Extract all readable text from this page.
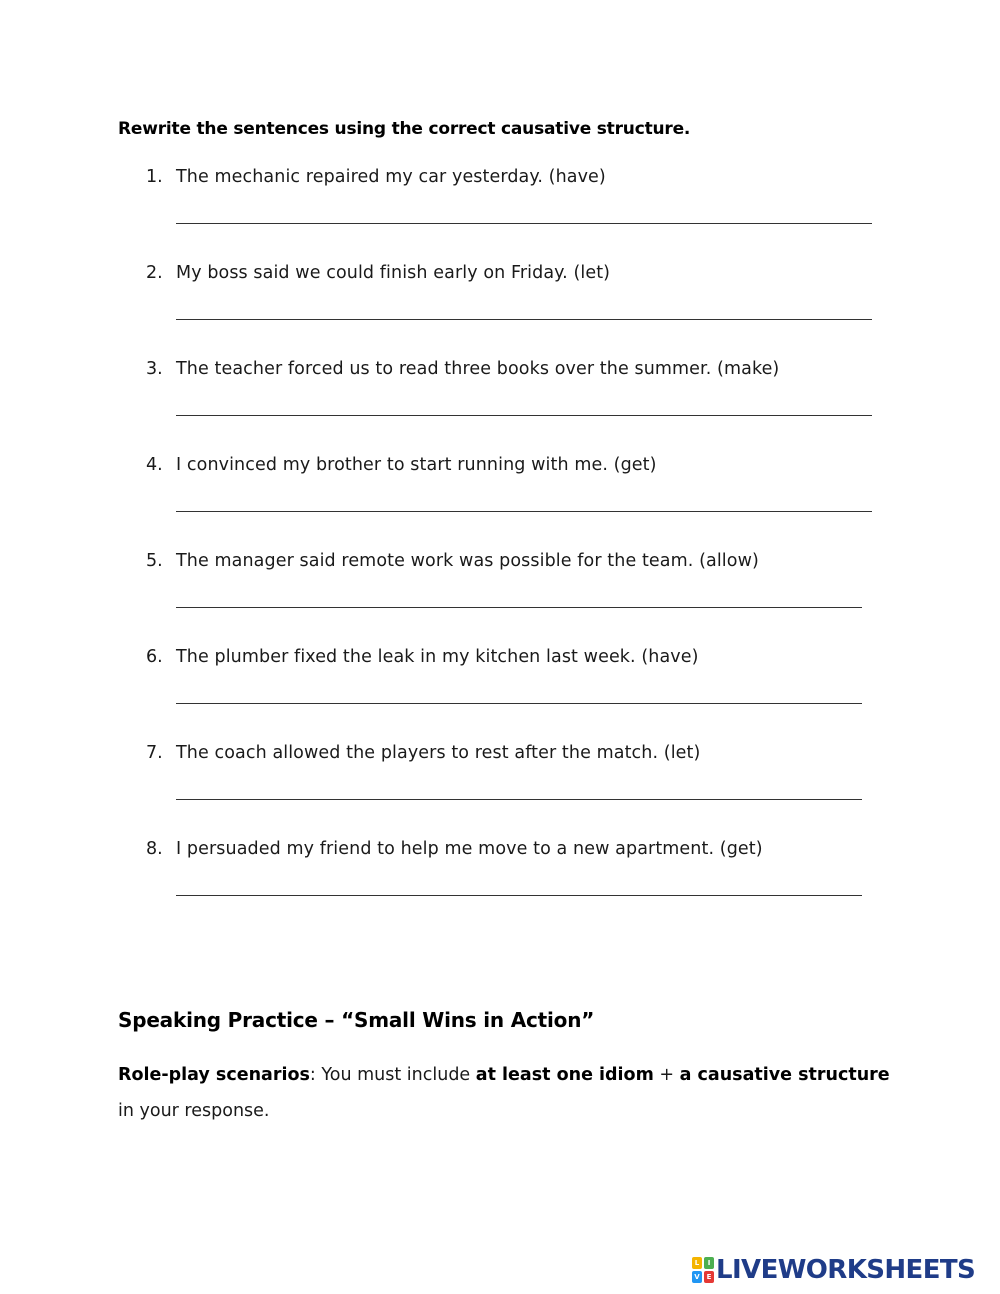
Rewrite the sentences using the correct causative structure.
1. The mechanic repaired my car yesterday. (have)
2. My boss said we could finish early on Friday. (let)
3. The teacher forced us to read three books over the summer. (make)
4. I convinced my brother to start running with me. (get)
5. The manager said remote work was possible for the team. (allow)
6. The plumber fixed the leak in my kitchen last week. (have)
7. The coach allowed the players to rest after the match. (let)
8. I persuaded my friend to help me move to a new apartment. (get)
Speaking Practice – “Small Wins in Action”
Role-play scenarios: You must include at least one idiom + a causative structure in your response.
L	I
V E LIVEWORKSHEETS
